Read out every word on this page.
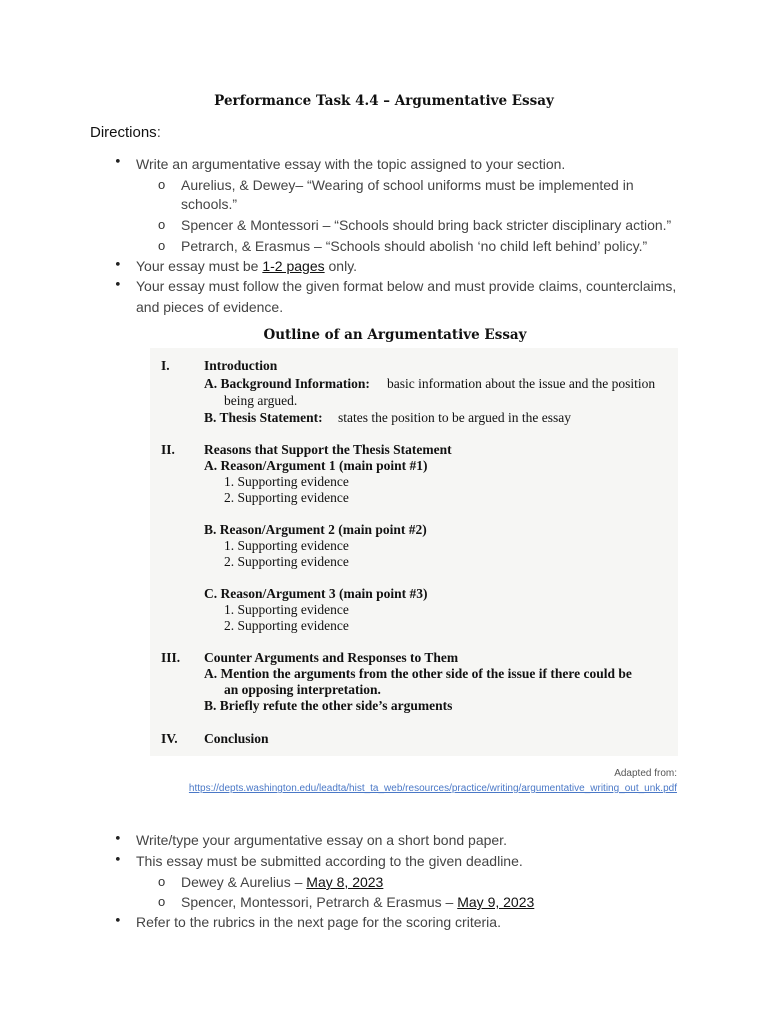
Performance Task 4.4 – Argumentative Essay
Directions:
• Write an argumentative essay with the topic assigned to your section.
o Aurelius, & Dewey– “Wearing of school uniforms must be implemented in
schools.”
o Spencer & Montessori – “Schools should bring back stricter disciplinary action.”
o Petrarch, & Erasmus – “Schools should abolish ‘no child left behind’ policy.”
• Your essay must be 1-2 pages only.
• Your essay must follow the given format below and must provide claims, counterclaims,
and pieces of evidence.
Outline of an Argumentative Essay
I.	Introduction
A. Background Information: basic information about the issue and the position
being argued.
B. Thesis Statement: states the position to be argued in the essay
II. Reasons that Support the Thesis Statement
A. Reason/Argument 1 (main point #1)
1. Supporting evidence
2. Supporting evidence
B. Reason/Argument 2 (main point #2)
1. Supporting evidence
2. Supporting evidence
C. Reason/Argument 3 (main point #3)
1. Supporting evidence
2. Supporting evidence
III. Counter Arguments and Responses to Them
A. Mention the arguments from the other side of the issue if there could be
an opposing interpretation.
B. Briefly refute the other side’s arguments
IV. Conclusion
Adapted from:
https://depts.washington.edu/leadta/hist_ta_web/resources/practice/writing/argumentative_writing_out_unk.pdf
• Write/type your argumentative essay on a short bond paper.
• This essay must be submitted according to the given deadline.
o Dewey & Aurelius – May 8, 2023
o Spencer, Montessori, Petrarch & Erasmus – May 9, 2023
• Refer to the rubrics in the next page for the scoring criteria.
